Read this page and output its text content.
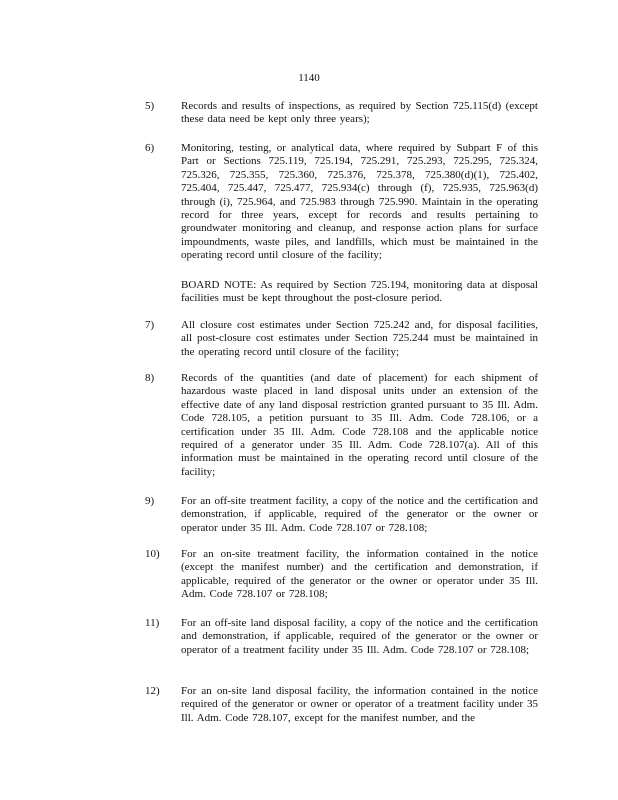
1140
5) Records and results of inspections, as required by Section 725.115(d) (except these data need be kept only three years);
6) Monitoring, testing, or analytical data, where required by Subpart F of this Part or Sections 725.119, 725.194, 725.291, 725.293, 725.295, 725.324, 725.326, 725.355, 725.360, 725.376, 725.378, 725.380(d)(1), 725.402, 725.404, 725.447, 725.477, 725.934(c) through (f), 725.935, 725.963(d) through (i), 725.964, and 725.983 through 725.990. Maintain in the operating record for three years, except for records and results pertaining to groundwater monitoring and cleanup, and response action plans for surface impoundments, waste piles, and landfills, which must be maintained in the operating record until closure of the facility;
BOARD NOTE: As required by Section 725.194, monitoring data at disposal facilities must be kept throughout the post-closure period.
7) All closure cost estimates under Section 725.242 and, for disposal facilities, all post-closure cost estimates under Section 725.244 must be maintained in the operating record until closure of the facility;
8) Records of the quantities (and date of placement) for each shipment of hazardous waste placed in land disposal units under an extension of the effective date of any land disposal restriction granted pursuant to 35 Ill. Adm. Code 728.105, a petition pursuant to 35 Ill. Adm. Code 728.106, or a certification under 35 Ill. Adm. Code 728.108 and the applicable notice required of a generator under 35 Ill. Adm. Code 728.107(a). All of this information must be maintained in the operating record until closure of the facility;
9) For an off-site treatment facility, a copy of the notice and the certification and demonstration, if applicable, required of the generator or the owner or operator under 35 Ill. Adm. Code 728.107 or 728.108;
10) For an on-site treatment facility, the information contained in the notice (except the manifest number) and the certification and demonstration, if applicable, required of the generator or the owner or operator under 35 Ill. Adm. Code 728.107 or 728.108;
11) For an off-site land disposal facility, a copy of the notice and the certification and demonstration, if applicable, required of the generator or the owner or operator of a treatment facility under 35 Ill. Adm. Code 728.107 or 728.108;
12) For an on-site land disposal facility, the information contained in the notice required of the generator or owner or operator of a treatment facility under 35 Ill. Adm. Code 728.107, except for the manifest number, and the
